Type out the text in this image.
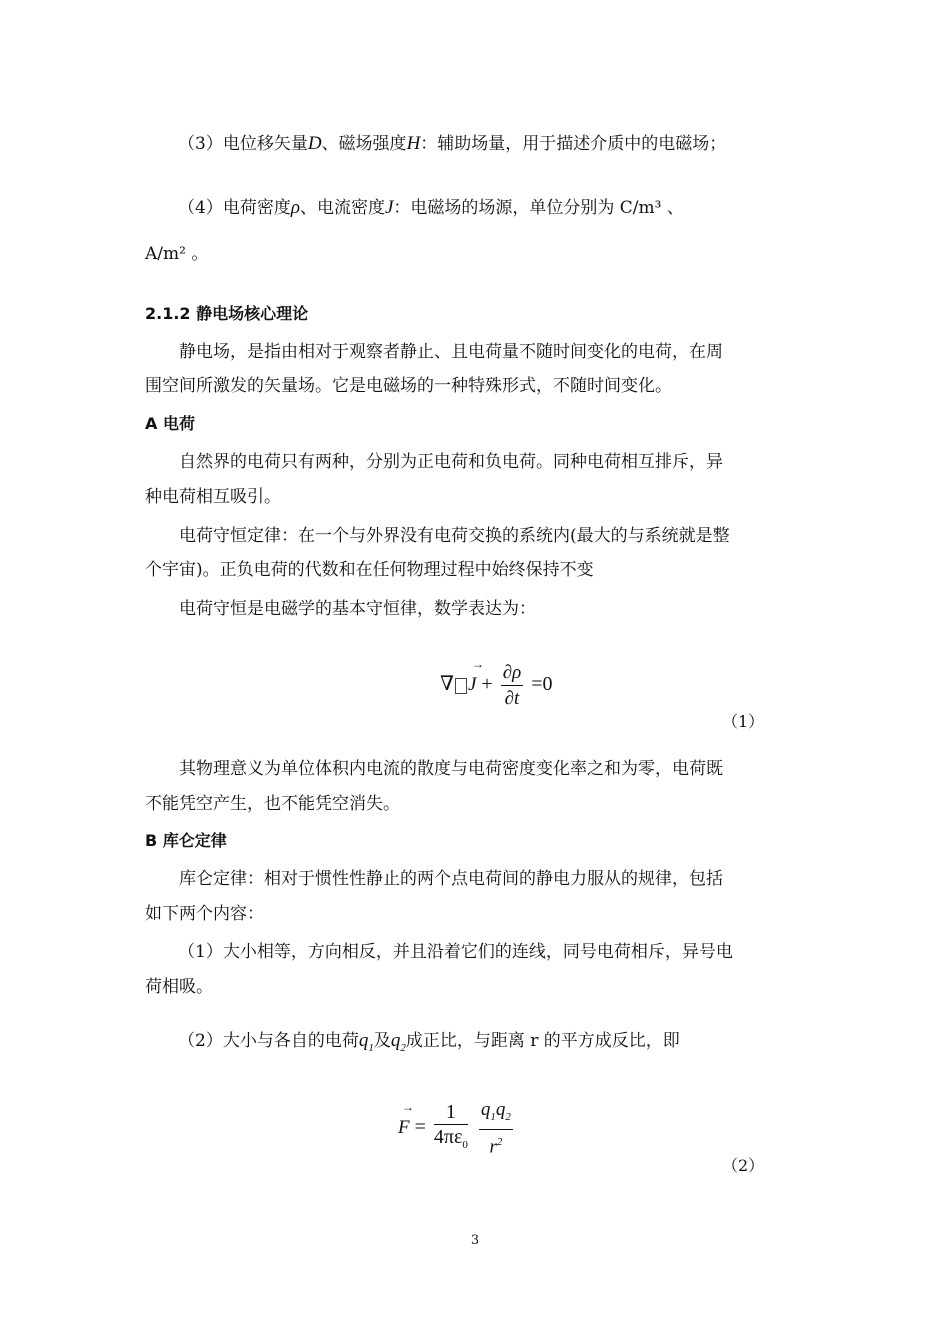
（3）电位移矢量D、磁场强度H：辅助场量，用于描述介质中的电磁场；
（4）电荷密度ρ、电流密度J：电磁场的场源，单位分别为 C/m³ 、
A/m² 。
2.1.2 静电场核心理论
静电场，是指由相对于观察者静止、且电荷量不随时间变化的电荷，在周
围空间所激发的矢量场。它是电磁场的一种特殊形式，不随时间变化。
A 电荷
自然界的电荷只有两种，分别为正电荷和负电荷。同种电荷相互排斥，异
种电荷相互吸引。
电荷守恒定律：在一个与外界没有电荷交换的系统内(最大的与系统就是整
个宇宙)。正负电荷的代数和在任何物理过程中始终保持不变
电荷守恒是电磁学的基本守恒律，数学表达为：
∇
→
$J + \frac{\partial\rho}{\partial t} =0$
（1）
其物理意义为单位体积内电流的散度与电荷密度变化率之和为零，电荷既
不能凭空产生，也不能凭空消失。
B 库仑定律
库仑定律：相对于惯性性静止的两个点电荷间的静电力服从的规律，包括
如下两个内容：
（1）大小相等，方向相反，并且沿着它们的连线，同号电荷相斥，异号电
荷相吸。
（2）大小与各自的电荷$q_1$及$q_2$成正比，与距离 r 的平方成反比，即
→
$F = \frac{1}{4\pi\varepsilon_0}$
$\frac{q_1q_2}{r^2}$
（2）
3
